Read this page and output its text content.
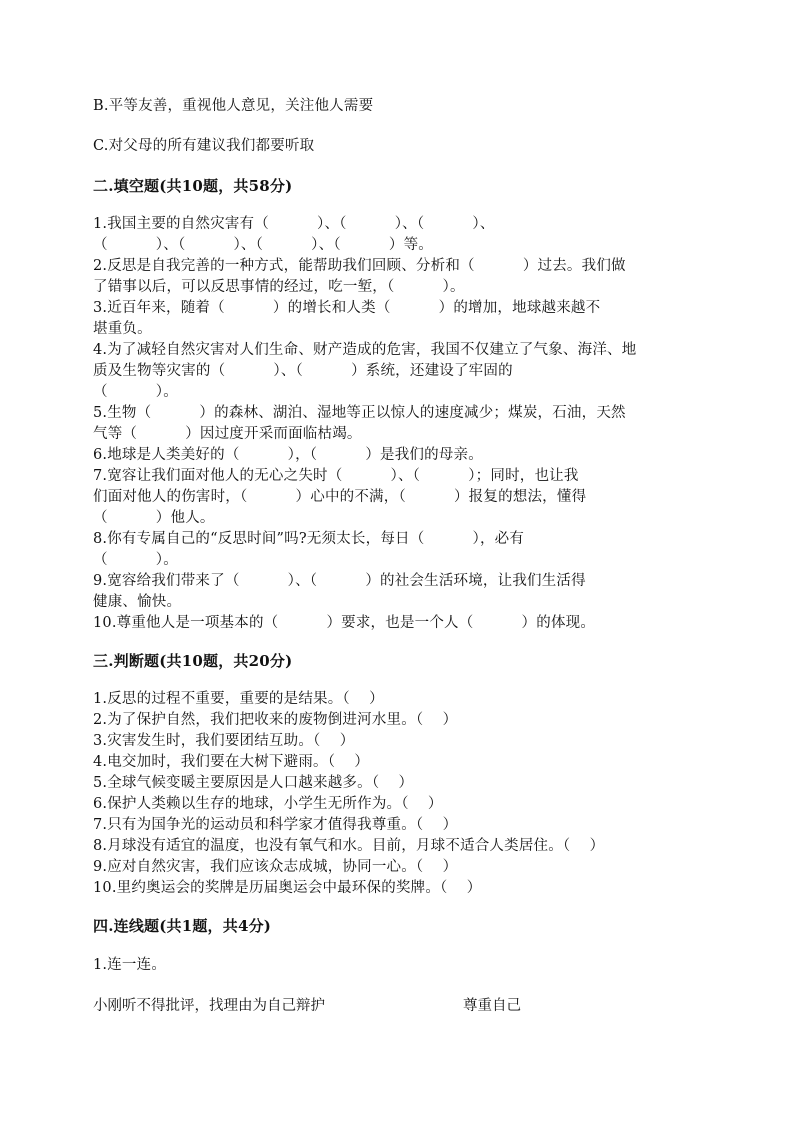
B.平等友善，重视他人意见，关注他人需要
C.对父母的所有建议我们都要听取
二.填空题(共10题，共58分)
1.我国主要的自然灾害有（          ）、（          ）、（          ）、
（          ）、（          ）、（          ）、（          ）等。
2.反思是自我完善的一种方式，能帮助我们回顾、分析和（          ）过去。我们做
了错事以后，可以反思事情的经过，吃一堑，（          ）。
3.近百年来，随着（          ）的增长和人类（          ）的增加，地球越来越不
堪重负。
4.为了减轻自然灾害对人们生命、财产造成的危害，我国不仅建立了气象、海洋、地
质及生物等灾害的（          ）、（          ）系统，还建设了牢固的
（          ）。
5.生物（          ）的森林、湖泊、湿地等正以惊人的速度减少；煤炭，石油，天然
气等（          ）因过度开采而面临枯竭。
6.地球是人类美好的（          ），（          ）是我们的母亲。
7.宽容让我们面对他人的无心之失时（          ）、（          ）；同时，也让我
们面对他人的伤害时，（          ）心中的不满，（          ）报复的想法，懂得
（          ）他人。
8.你有专属自己的“反思时间”吗?无须太长，每日（          ），必有
（          ）。
9.宽容给我们带来了（          ）、（          ）的社会生活环境，让我们生活得
健康、愉快。
10.尊重他人是一项基本的（          ）要求，也是一个人（          ）的体现。
三.判断题(共10题，共20分)
1.反思的过程不重要，重要的是结果。（    ）
2.为了保护自然，我们把收来的废物倒进河水里。（    ）
3.灾害发生时，我们要团结互助。（    ）
4.电交加时，我们要在大树下避雨。（    ）
5.全球气候变暖主要原因是人口越来越多。（    ）
6.保护人类赖以生存的地球，小学生无所作为。（    ）
7.只有为国争光的运动员和科学家才值得我尊重。（    ）
8.月球没有适宜的温度，也没有氧气和水。目前，月球不适合人类居住。（    ）
9.应对自然灾害，我们应该众志成城，协同一心。（    ）
10.里约奥运会的奖牌是历届奥运会中最环保的奖牌。（    ）
四.连线题(共1题，共4分)
1.连一连。
小刚听不得批评，找理由为自己辩护	尊重自己
